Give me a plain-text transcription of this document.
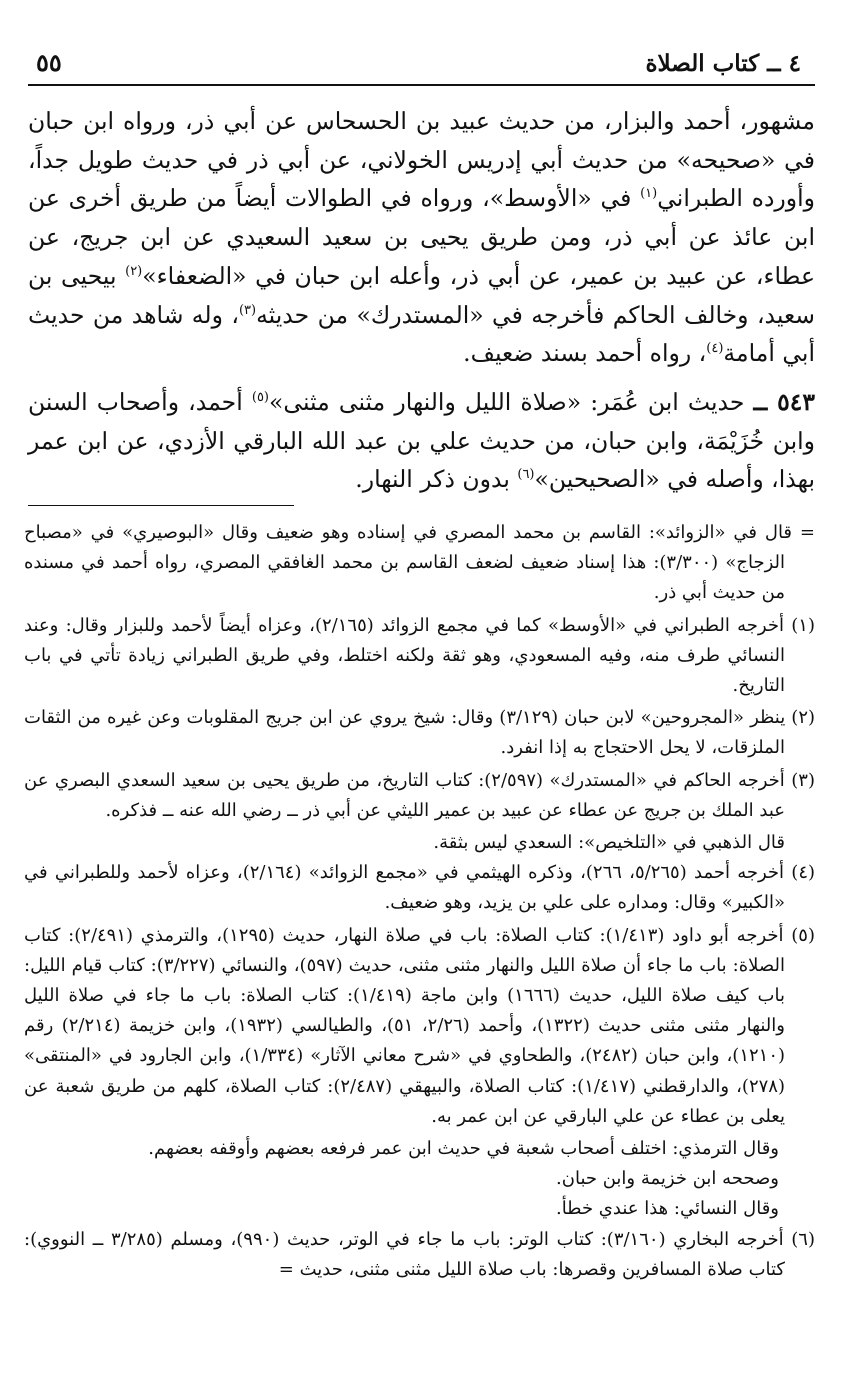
٤ ــ كتاب الصلاة
٥٥

مشهور، أحمد والبزار، من حديث عبيد بن الحسحاس عن أبي ذر، ورواه ابن حبان في «صحيحه» من حديث أبي إدريس الخولاني، عن أبي ذر في حديث طويل جداً، وأورده الطبراني$^{(١)}$ في «الأوسط»، ورواه في الطوالات أيضاً من طريق أخرى عن ابن عائذ عن أبي ذر، ومن طريق يحيى بن سعيد السعيدي عن ابن جريج، عن عطاء، عن عبيد بن عمير، عن أبي ذر، وأعله ابن حبان في «الضعفاء»$^{(٢)}$ بيحيى بن سعيد، وخالف الحاكم فأخرجه في «المستدرك» من حديثه$^{(٣)}$، وله شاهد من حديث أبي أمامة$^{(٤)}$، رواه أحمد بسند ضعيف.

٥٤٣ ــ حديث ابن عُمَر: «صلاة الليل والنهار مثنى مثنى»$^{(٥)}$ أحمد، وأصحاب السنن وابن خُزَيْمَة، وابن حبان، من حديث علي بن عبد الله البارقي الأزدي، عن ابن عمر بهذا، وأصله في «الصحيحين»$^{(٦)}$ بدون ذكر النهار.

= قال في «الزوائد»: القاسم بن محمد المصري في إسناده وهو ضعيف وقال «البوصيري» في «مصباح الزجاج» (٣/٣٠٠): هذا إسناد ضعيف لضعف القاسم بن محمد الغافقي المصري، رواه أحمد في مسنده من حديث أبي ذر.

(١) أخرجه الطبراني في «الأوسط» كما في مجمع الزوائد (٢/١٦٥)، وعزاه أيضاً لأحمد وللبزار وقال: وعند النسائي طرف منه، وفيه المسعودي، وهو ثقة ولكنه اختلط، وفي طريق الطبراني زيادة تأتي في باب التاريخ.

(٢) ينظر «المجروحين» لابن حبان (٣/١٢٩) وقال: شيخ يروي عن ابن جريج المقلوبات وعن غيره من الثقات الملزقات، لا يحل الاحتجاج به إذا انفرد.

(٣) أخرجه الحاكم في «المستدرك» (٢/٥٩٧): كتاب التاريخ، من طريق يحيى بن سعيد السعدي البصري عن عبد الملك بن جريج عن عطاء عن عبيد بن عمير الليثي عن أبي ذر ــ رضي الله عنه ــ فذكره.

قال الذهبي في «التلخيص»: السعدي ليس بثقة.

(٤) أخرجه أحمد (٥/٢٦٥، ٢٦٦)، وذكره الهيثمي في «مجمع الزوائد» (٢/١٦٤)، وعزاه لأحمد وللطبراني في «الكبير» وقال: ومداره على علي بن يزيد، وهو ضعيف.

(٥) أخرجه أبو داود (١/٤١٣): كتاب الصلاة: باب في صلاة النهار، حديث (١٢٩٥)، والترمذي (٢/٤٩١): كتاب الصلاة: باب ما جاء أن صلاة الليل والنهار مثنى مثنى، حديث (٥٩٧)، والنسائي (٣/٢٢٧): كتاب قيام الليل: باب كيف صلاة الليل، حديث (١٦٦٦) وابن ماجة (١/٤١٩): كتاب الصلاة: باب ما جاء في صلاة الليل والنهار مثنى مثنى حديث (١٣٢٢)، وأحمد (٢/٢٦، ٥١)، والطيالسي (١٩٣٢)، وابن خزيمة (٢/٢١٤) رقم (١٢١٠)، وابن حبان (٢٤٨٢)، والطحاوي في «شرح معاني الآثار» (١/٣٣٤)، وابن الجارود في «المنتقى» (٢٧٨)، والدارقطني (١/٤١٧): كتاب الصلاة، والبيهقي (٢/٤٨٧): كتاب الصلاة، كلهم من طريق شعبة عن يعلى بن عطاء عن علي البارقي عن ابن عمر به.

وقال الترمذي: اختلف أصحاب شعبة في حديث ابن عمر فرفعه بعضهم وأوقفه بعضهم.

وصححه ابن خزيمة وابن حبان.

وقال النسائي: هذا عندي خطأ.

(٦) أخرجه البخاري (٣/١٦٠): كتاب الوتر: باب ما جاء في الوتر، حديث (٩٩٠)، ومسلم (٣/٢٨٥ ــ النووي): كتاب صلاة المسافرين وقصرها: باب صلاة الليل مثنى مثنى، حديث =
